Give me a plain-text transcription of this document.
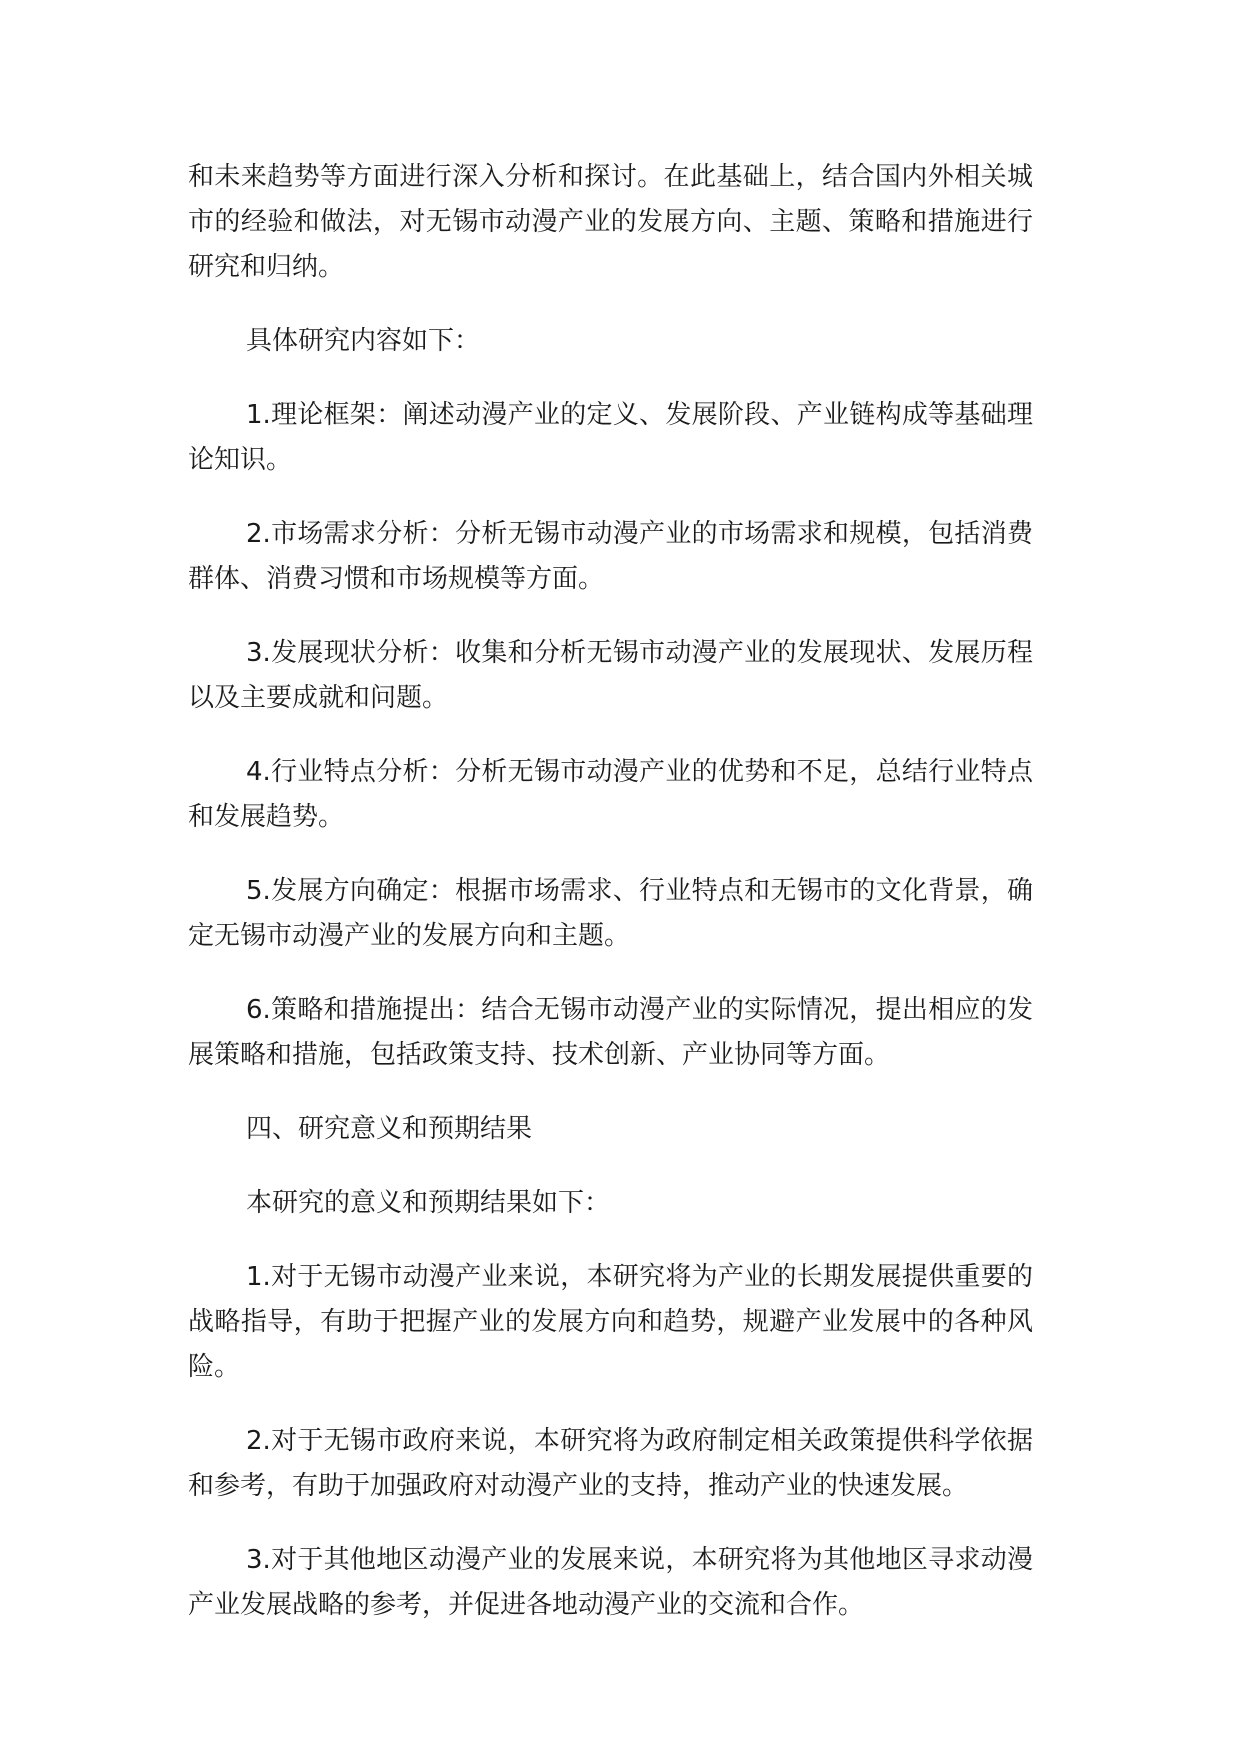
和未来趋势等方面进行深入分析和探讨。在此基础上，结合国内外相关城市的经验和做法，对无锡市动漫产业的发展方向、主题、策略和措施进行研究和归纳。

具体研究内容如下：

1.理论框架：阐述动漫产业的定义、发展阶段、产业链构成等基础理论知识。

2.市场需求分析：分析无锡市动漫产业的市场需求和规模，包括消费群体、消费习惯和市场规模等方面。

3.发展现状分析：收集和分析无锡市动漫产业的发展现状、发展历程以及主要成就和问题。

4.行业特点分析：分析无锡市动漫产业的优势和不足，总结行业特点和发展趋势。

5.发展方向确定：根据市场需求、行业特点和无锡市的文化背景，确定无锡市动漫产业的发展方向和主题。

6.策略和措施提出：结合无锡市动漫产业的实际情况，提出相应的发展策略和措施，包括政策支持、技术创新、产业协同等方面。

四、研究意义和预期结果

本研究的意义和预期结果如下：

1.对于无锡市动漫产业来说，本研究将为产业的长期发展提供重要的战略指导，有助于把握产业的发展方向和趋势，规避产业发展中的各种风险。

2.对于无锡市政府来说，本研究将为政府制定相关政策提供科学依据和参考，有助于加强政府对动漫产业的支持，推动产业的快速发展。

3.对于其他地区动漫产业的发展来说，本研究将为其他地区寻求动漫产业发展战略的参考，并促进各地动漫产业的交流和合作。
